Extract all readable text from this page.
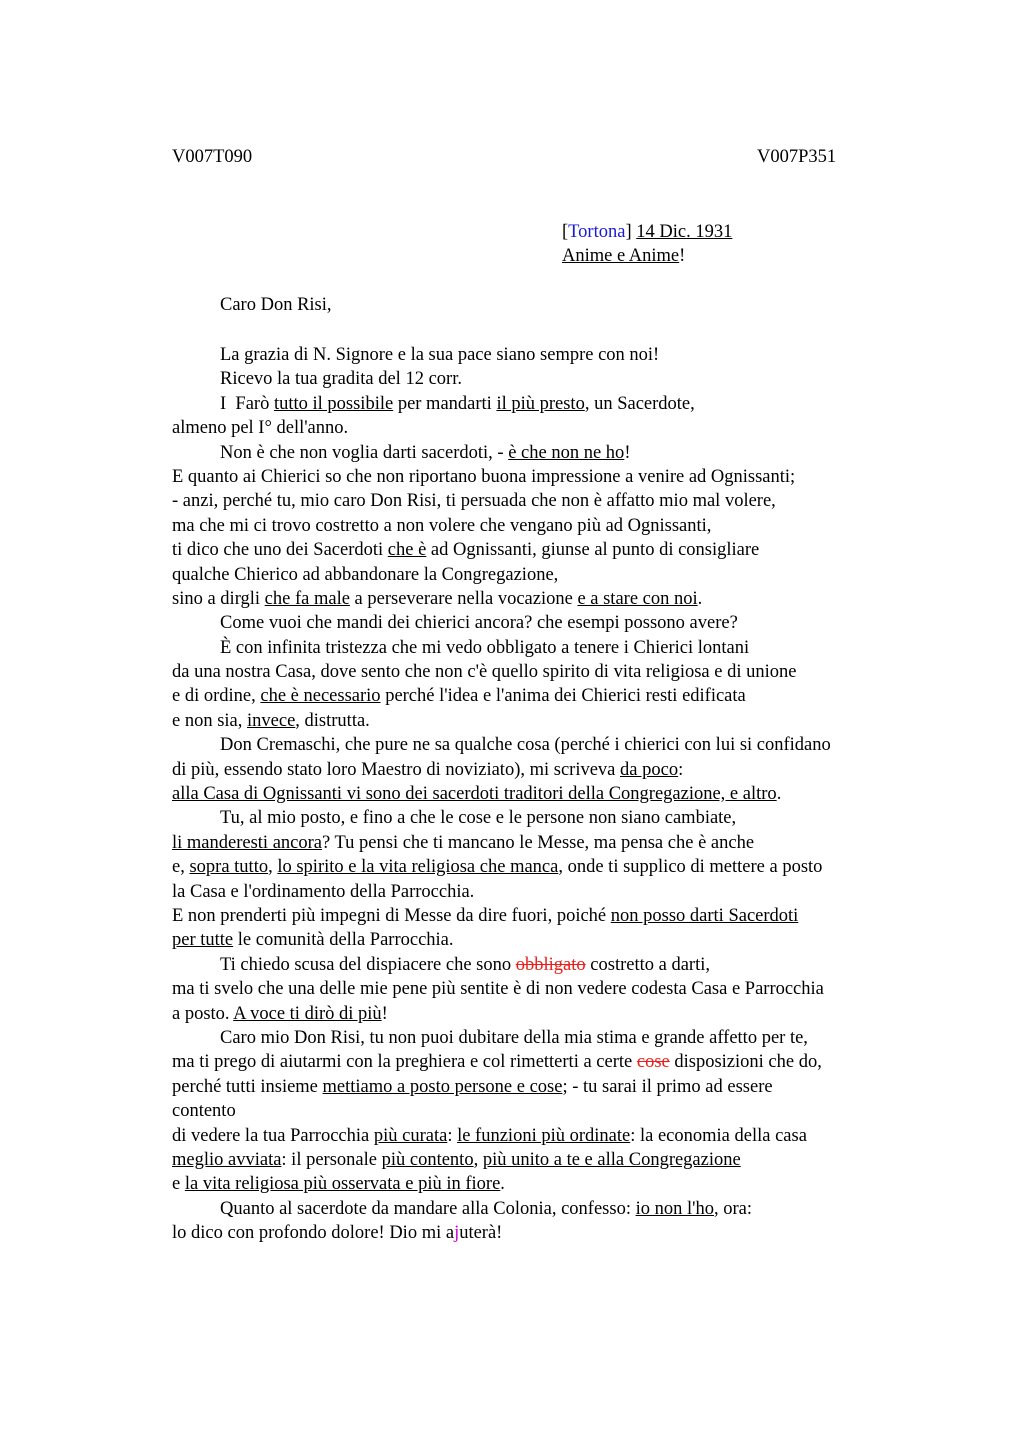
V007T090	V007P351
[Tortona] 14 Dic. 1931
Anime e Anime!
Caro Don Risi,
La grazia di N. Signore e la sua pace siano sempre con noi!
Ricevo la tua gradita del 12 corr.
I  Farò tutto il possibile per mandarti il più presto, un Sacerdote,
almeno pel I° dell'anno.
Non è che non voglia darti sacerdoti, - è che non ne ho!
E quanto ai Chierici so che non riportano buona impressione a venire ad Ognissanti;
- anzi, perché tu, mio caro Don Risi, ti persuada che non è affatto mio mal volere,
ma che mi ci trovo costretto a non volere che vengano più ad Ognissanti,
ti dico che uno dei Sacerdoti che è ad Ognissanti, giunse al punto di consigliare
qualche Chierico ad abbandonare la Congregazione,
sino a dirgli che fa male a perseverare nella vocazione e a stare con noi.
Come vuoi che mandi dei chierici ancora? che esempi possono avere?
È con infinita tristezza che mi vedo obbligato a tenere i Chierici lontani
da una nostra Casa, dove sento che non c'è quello spirito di vita religiosa e di unione
e di ordine, che è necessario perché l'idea e l'anima dei Chierici resti edificata
e non sia, invece, distrutta.
Don Cremaschi, che pure ne sa qualche cosa (perché i chierici con lui si confidano
di più, essendo stato loro Maestro di noviziato), mi scriveva da poco:
alla Casa di Ognissanti vi sono dei sacerdoti traditori della Congregazione, e altro.
Tu, al mio posto, e fino a che le cose e le persone non siano cambiate,
li manderesti ancora? Tu pensi che ti mancano le Messe, ma pensa che è anche
e, sopra tutto, lo spirito e la vita religiosa che manca, onde ti supplico di mettere a posto
la Casa e l'ordinamento della Parrocchia.
E non prenderti più impegni di Messe da dire fuori, poiché non posso darti Sacerdoti
per tutte le comunità della Parrocchia.
Ti chiedo scusa del dispiacere che sono obbligato costretto a darti,
ma ti svelo che una delle mie pene più sentite è di non vedere codesta Casa e Parrocchia
a posto. A voce ti dirò di più!
Caro mio Don Risi, tu non puoi dubitare della mia stima e grande affetto per te,
ma ti prego di aiutarmi con la preghiera e col rimetterti a certe cose disposizioni che do,
perché tutti insieme mettiamo a posto persone e cose; - tu sarai il primo ad essere
contento
di vedere la tua Parrocchia più curata: le funzioni più ordinate: la economia della casa
meglio avviata: il personale più contento, più unito a te e alla Congregazione
e la vita religiosa più osservata e più in fiore.
Quanto al sacerdote da mandare alla Colonia, confesso: io non l'ho, ora:
lo dico con profondo dolore! Dio mi ajuterà!
